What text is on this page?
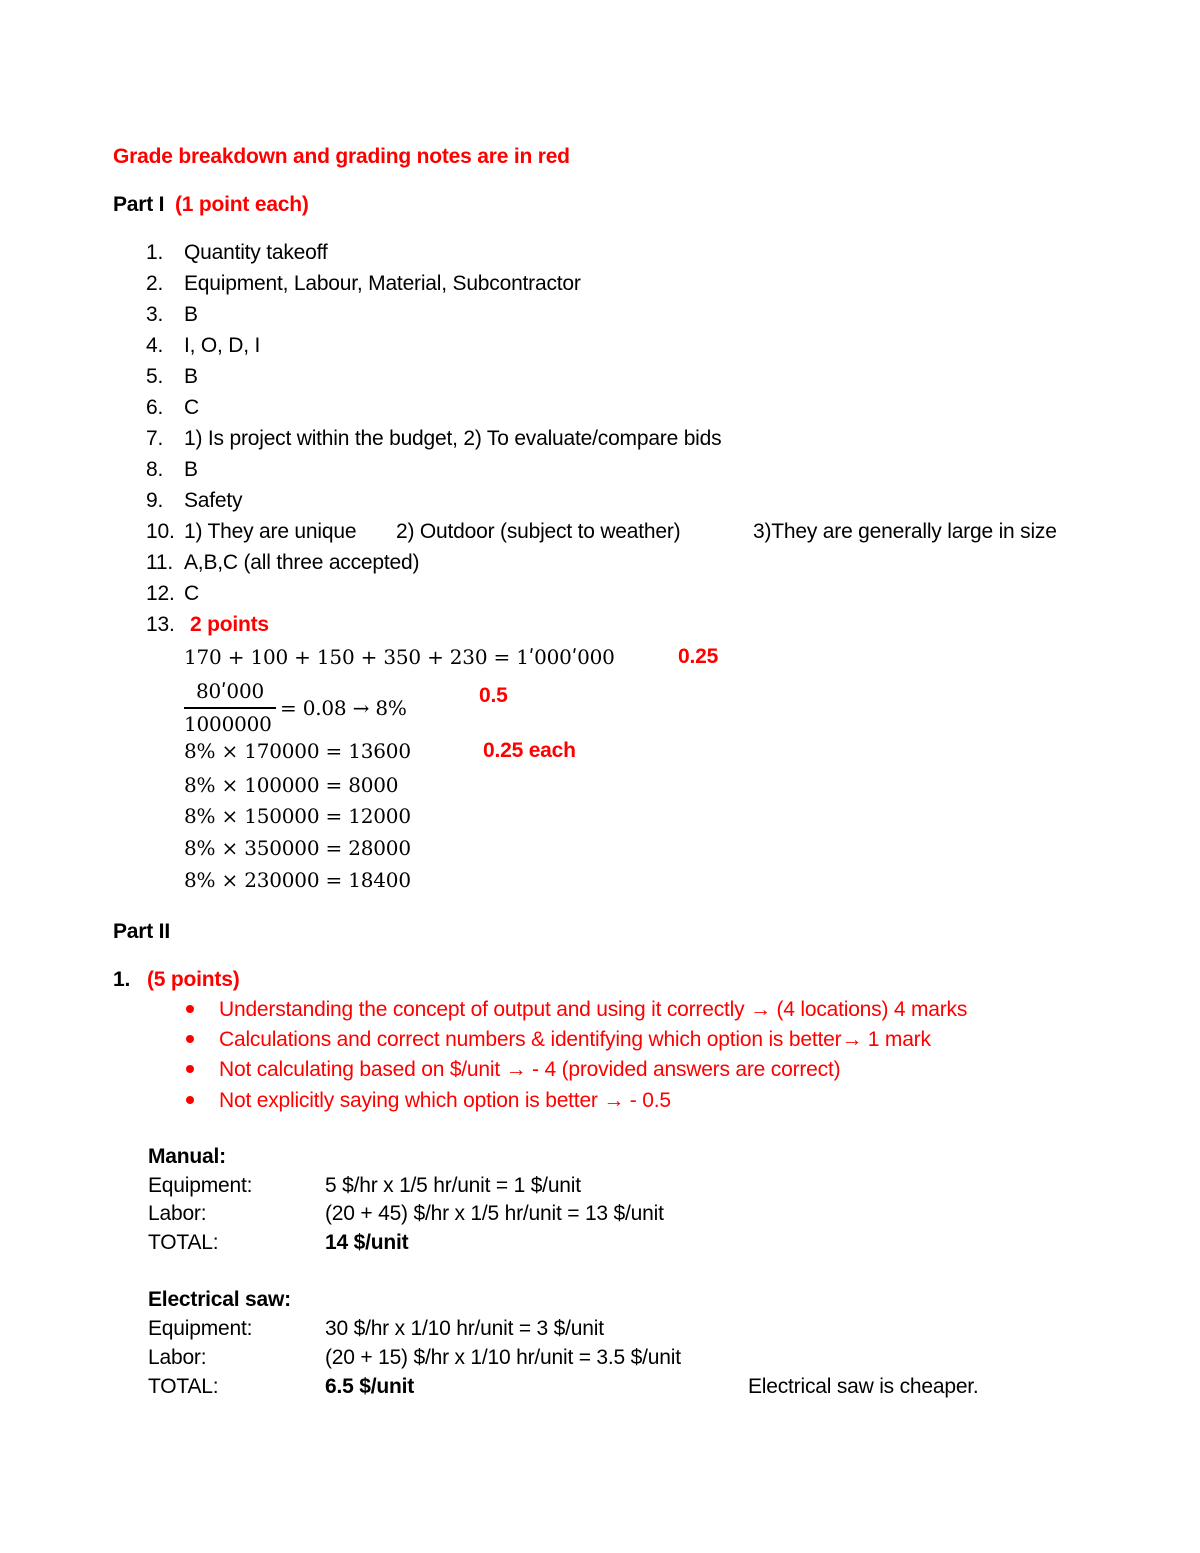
Grade breakdown and grading notes are in red
Part I (1 point each)
1. Quantity takeoff
2. Equipment, Labour, Material, Subcontractor
3. B
4. I, O, D, I
5. B
6. C
7. 1) Is project within the budget, 2) To evaluate/compare bids
8. B
9. Safety
10. 1) They are unique 2) Outdoor (subject to weather)	3)They are generally large in size
11. A,B,C (all three accepted)
12. C
13. 2 points
170 + 100 + 150 + 350 + 230 = 1ʹ000ʹ000	0.25
80ʹ000
1000000
= 0.08 → 8%
0.5
8% × 170000 = 13600	0.25 each
8% × 100000 = 8000
8% × 150000 = 12000
8% × 350000 = 28000
8% × 230000 = 18400
Part II
1. (5 points)
Understanding the concept of output and using it correctly → (4 locations) 4 marks
Calculations and correct numbers & identifying which option is better→ 1 mark
Not calculating based on $/unit → - 4 (provided answers are correct)
Not explicitly saying which option is better → - 0.5
Manual:
Equipment:	5 $/hr x 1/5 hr/unit = 1 $/unit
Labor:	(20 + 45) $/hr x 1/5 hr/unit = 13 $/unit
TOTAL:	14 $/unit
Electrical saw:
Equipment:	30 $/hr x 1/10 hr/unit = 3 $/unit
Labor:	(20 + 15) $/hr x 1/10 hr/unit = 3.5 $/unit
TOTAL:	6.5 $/unit	Electrical saw is cheaper.
